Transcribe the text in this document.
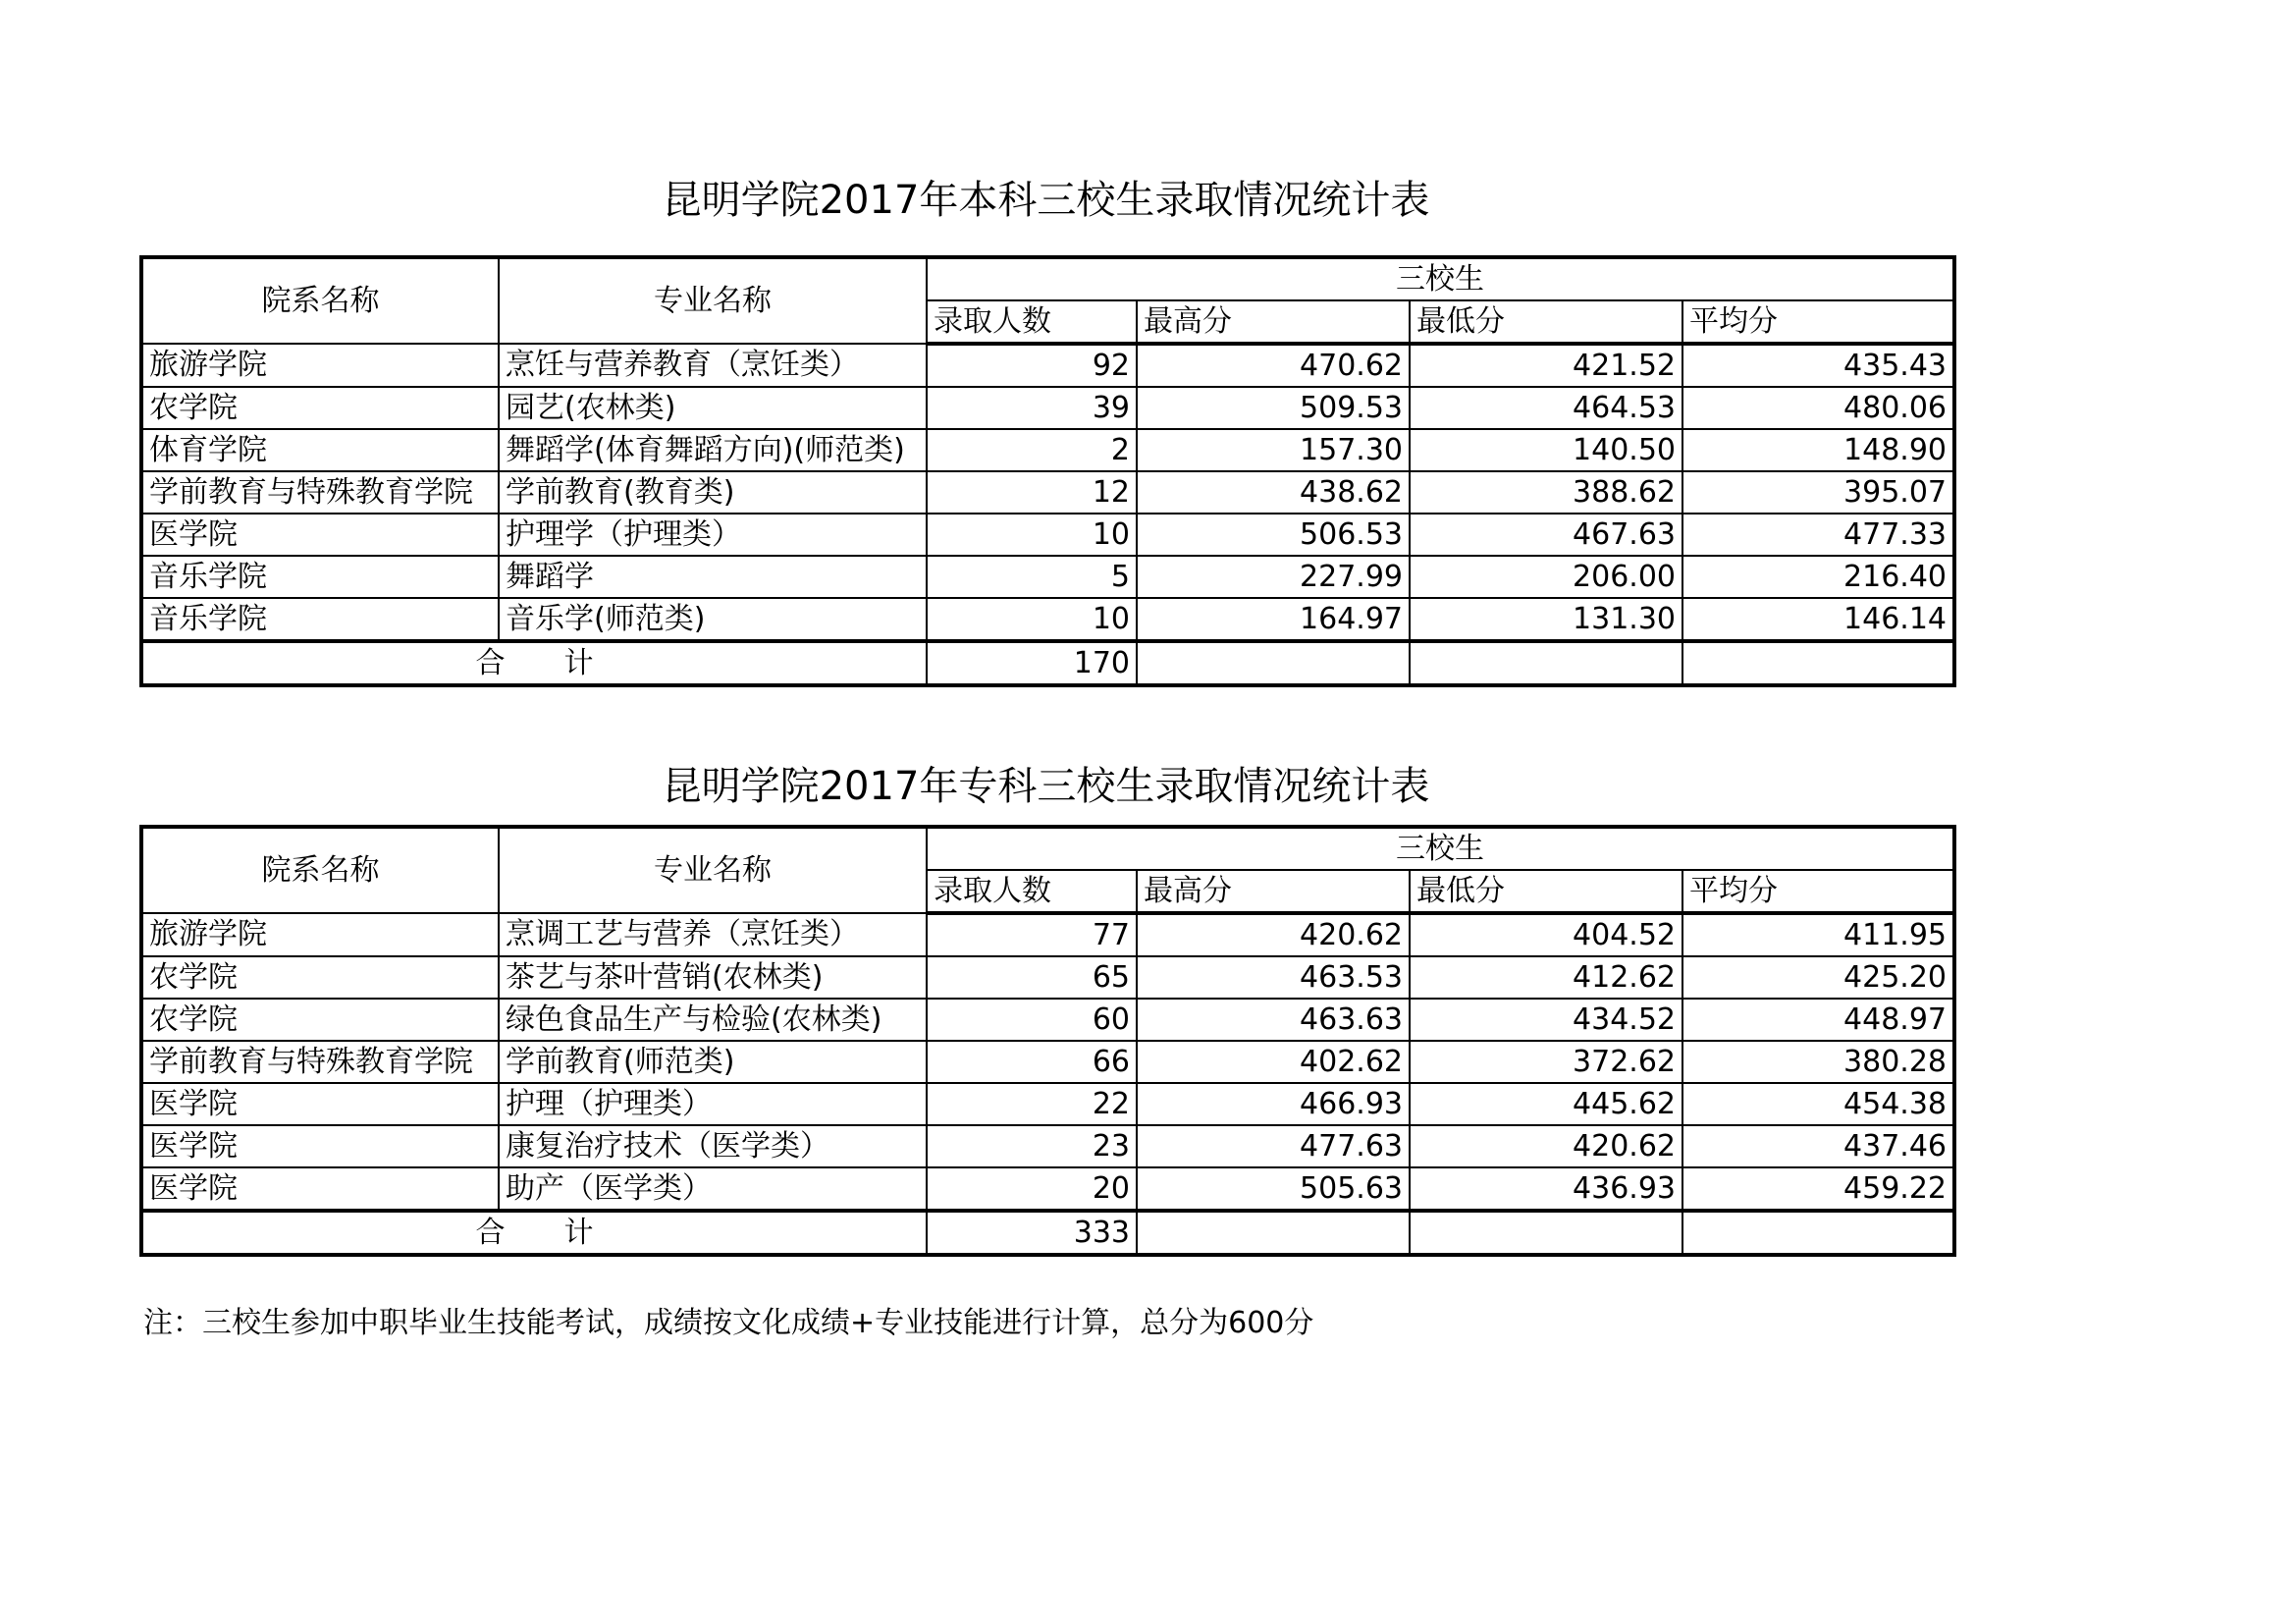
昆明学院2017年本科三校生录取情况统计表
院系名称	专业名称	三校生			
		录取人数	最高分	最低分	平均分
旅游学院	烹饪与营养教育（烹饪类）	92	470.62	421.52	435.43
农学院	园艺(农林类)	39	509.53	464.53	480.06
体育学院	舞蹈学(体育舞蹈方向)(师范类)	2	157.30	140.50	148.90
学前教育与特殊教育学院	学前教育(教育类)	12	438.62	388.62	395.07
医学院	护理学（护理类）	10	506.53	467.63	477.33
音乐学院	舞蹈学	5	227.99	206.00	216.40
音乐学院	音乐学(师范类)	10	164.97	131.30	146.14
合　　计		170			
昆明学院2017年专科三校生录取情况统计表
院系名称	专业名称	三校生			
		录取人数	最高分	最低分	平均分
旅游学院	烹调工艺与营养（烹饪类）	77	420.62	404.52	411.95
农学院	茶艺与茶叶营销(农林类)	65	463.53	412.62	425.20
农学院	绿色食品生产与检验(农林类)	60	463.63	434.52	448.97
学前教育与特殊教育学院	学前教育(师范类)	66	402.62	372.62	380.28
医学院	护理（护理类）	22	466.93	445.62	454.38
医学院	康复治疗技术（医学类）	23	477.63	420.62	437.46
医学院	助产（医学类）	20	505.63	436.93	459.22
合　　计		333			

注：三校生参加中职毕业生技能考试，成绩按文化成绩+专业技能进行计算，总分为600分
